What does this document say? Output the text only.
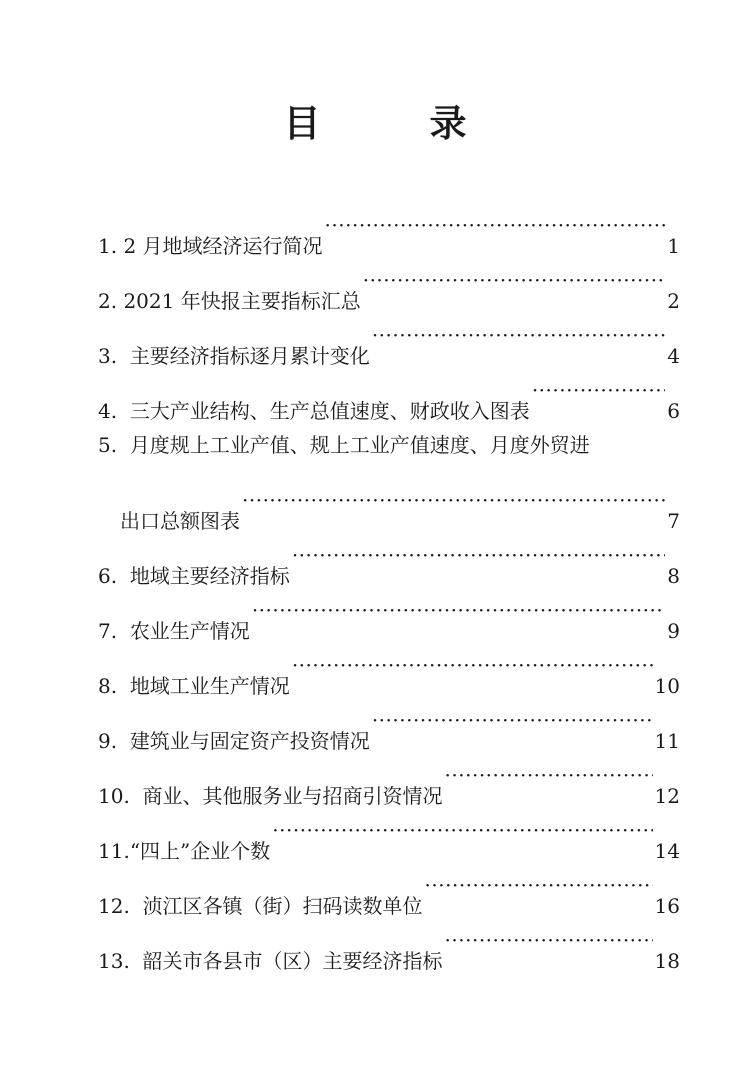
目　录
1.
2 月地域经济运行简况 ·····	1
2.
2021 年快报主要指标汇总 ·····	2
3.
主要经济指标逐月累计变化 ·····	4
4.
三大产业结构、生产总值速度、财政收入图表 ·····	6
5.
月度规上工业产值、规上工业产值速度、月度外贸进
出口总额图表 ·····	7
6.
地域主要经济指标 ·····	8
7.
农业生产情况 ·····	9
8.
地域工业生产情况 ·····	10
9.
建筑业与固定资产投资情况 ·····	11
10.
商业、其他服务业与招商引资情况 ·····	12
11. “四上”企业个数 ·····	14
12.
浈江区各镇（街）扫码读数单位 ·····	16
13.
韶关市各县市（区）主要经济指标 ·····	18
